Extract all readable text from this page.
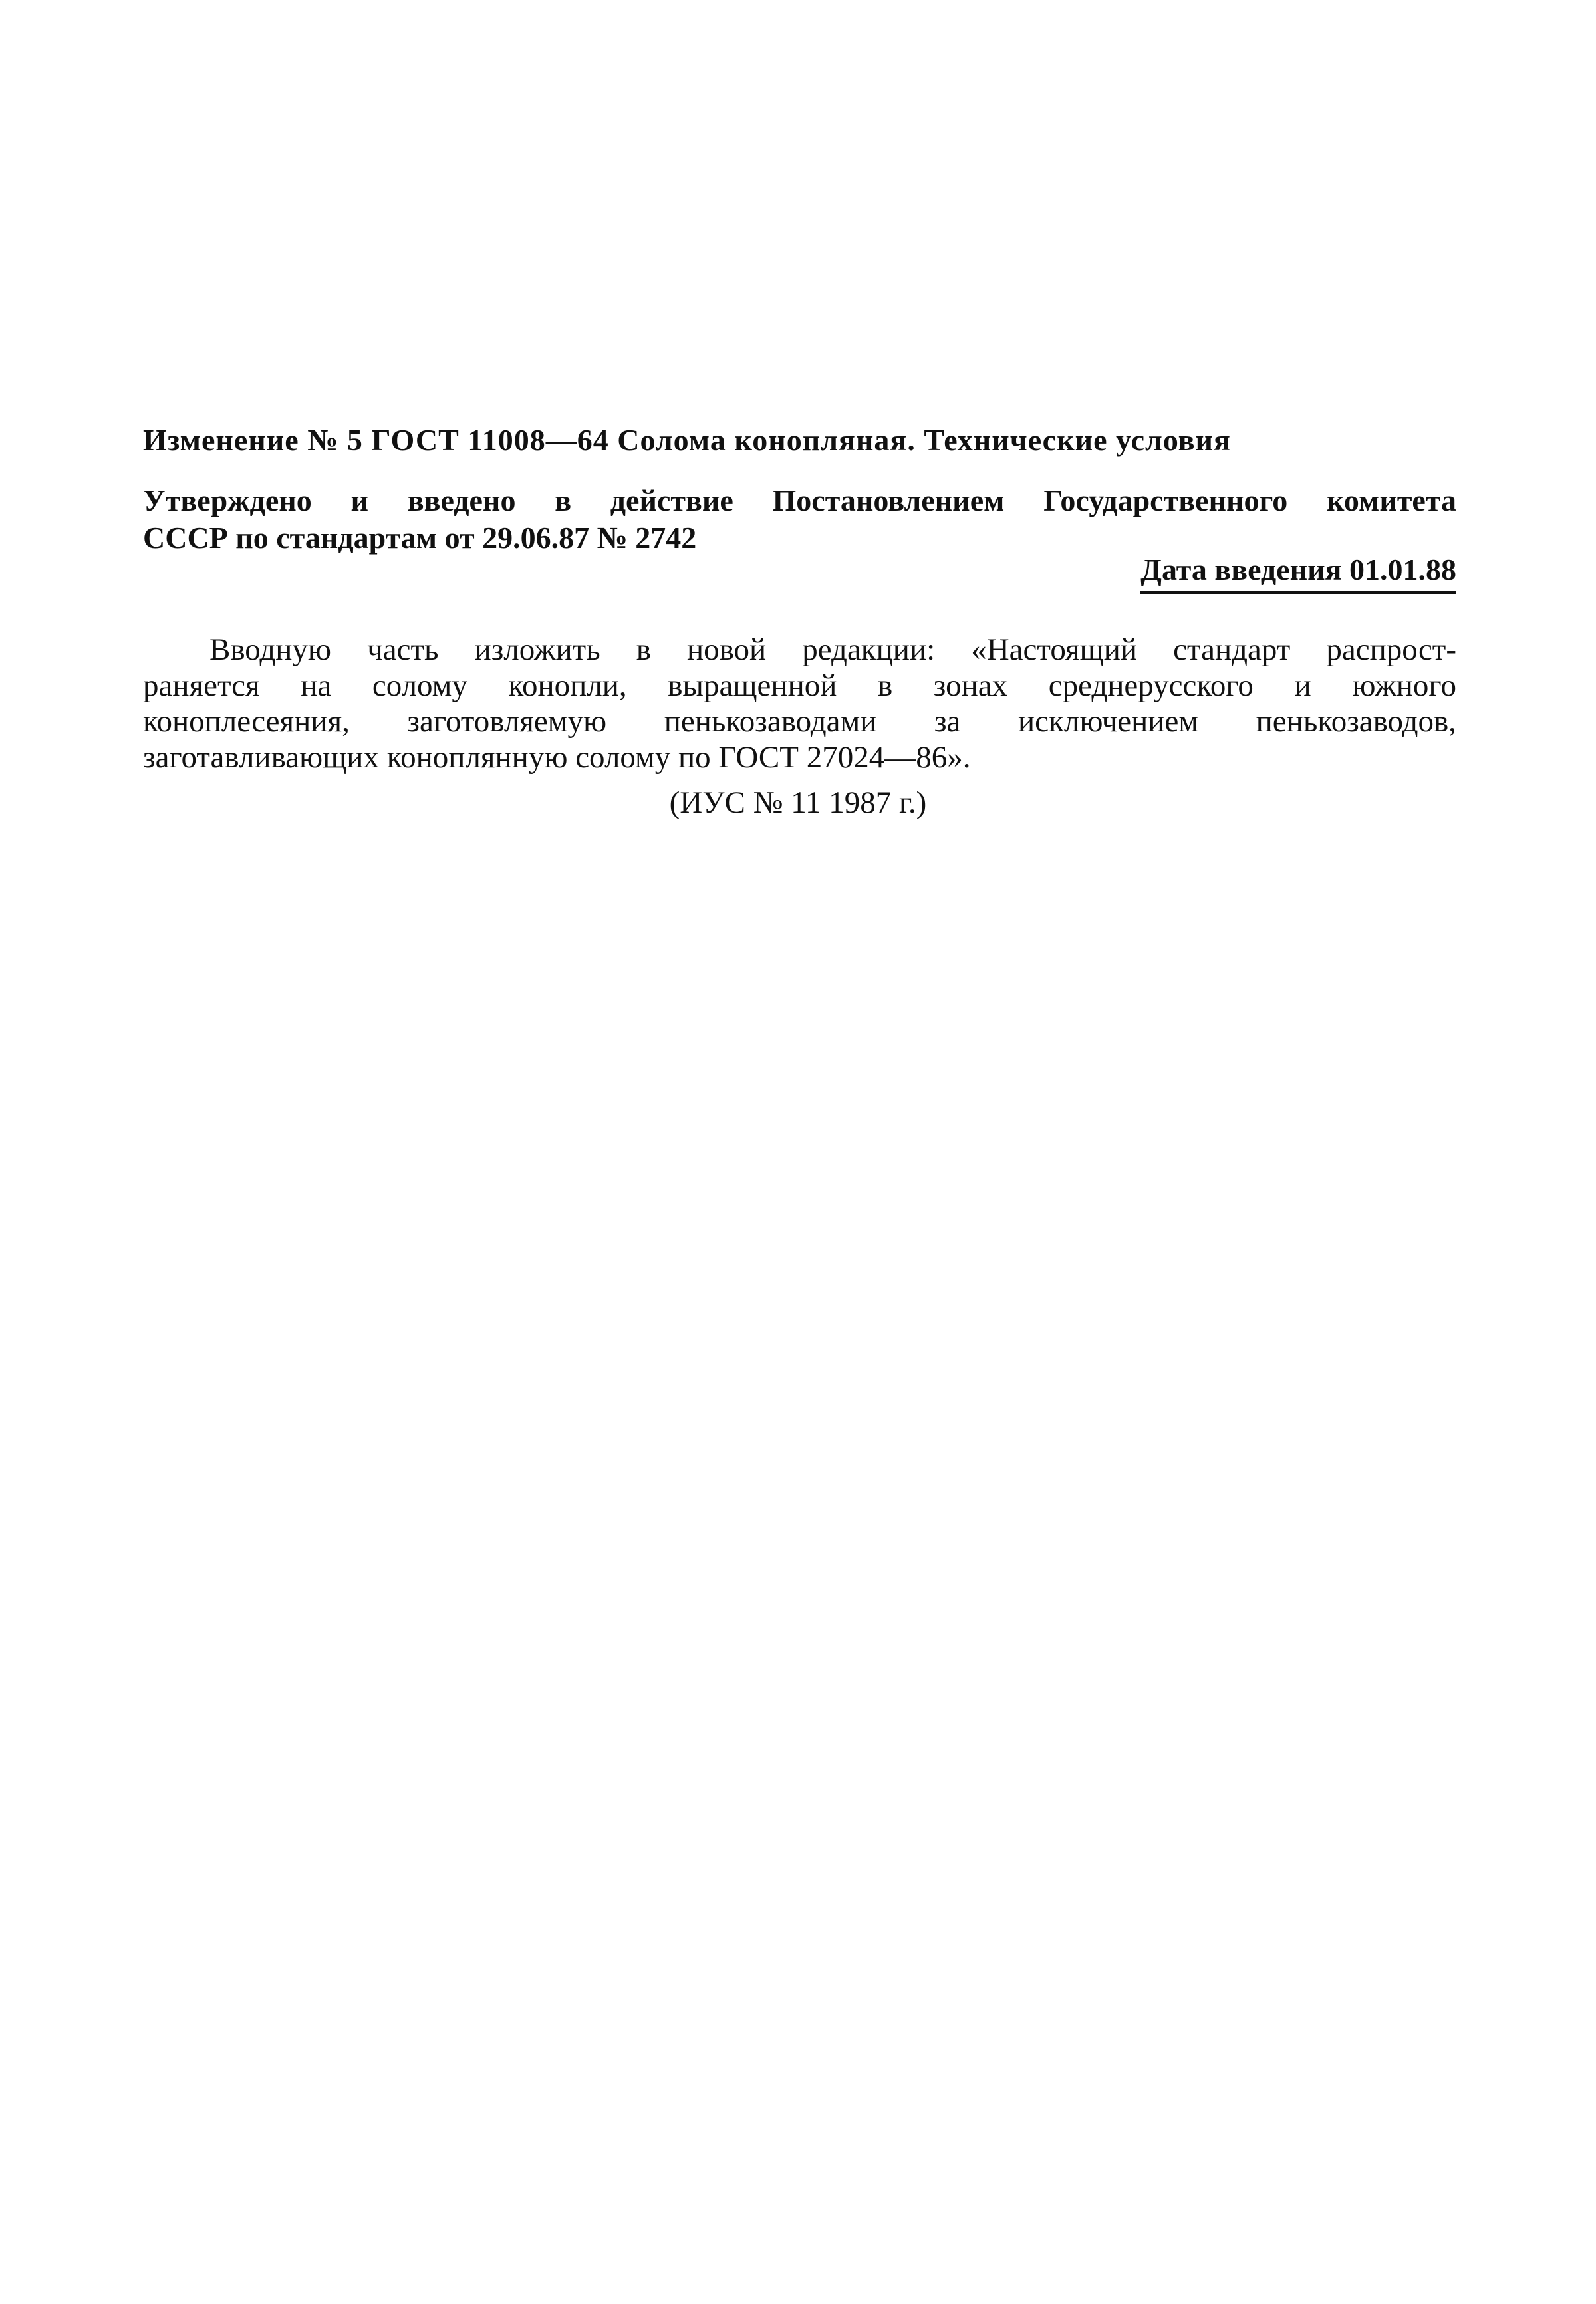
Изменение № 5 ГОСТ 11008—64 Солома конопляная. Технические условия
Утверждено и введено в действие Постановлением Государственного комитета
СССР по стандартам от 29.06.87 № 2742
Дата введения 01.01.88
Вводную часть изложить в новой редакции: «Настоящий стандарт распрост-
раняется на солому конопли, выращенной в зонах среднерусского и южного
коноплесеяния, заготовляемую пенькозаводами за исключением пенькозаводов,
заготавливающих коноплянную солому по ГОСТ 27024—86».
(ИУС № 11 1987 г.)
